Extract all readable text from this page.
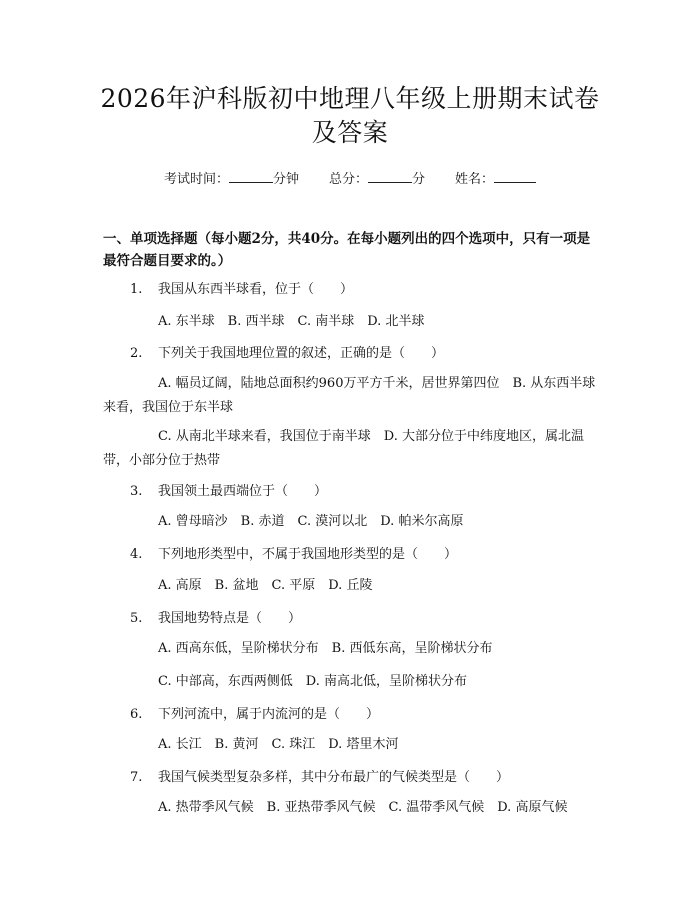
2026年沪科版初中地理八年级上册期末试卷及答案
考试时间：	分钟 总分：	分 姓名：

一、单项选择题（每小题2分，共40分。在每小题列出的四个选项中，只有一项是最符合题目要求的。）

1. 我国从东西半球看，位于（　　）
A. 东半球　B. 西半球　C. 南半球　D. 北半球
2. 下列关于我国地理位置的叙述，正确的是（　　）
A. 幅员辽阔，陆地总面积约960万平方千米，居世界第四位　B. 从东西半球来看，我国位于东半球
C. 从南北半球来看，我国位于南半球　D. 大部分位于中纬度地区，属北温带，小部分位于热带
3. 我国领土最西端位于（　　）
A. 曾母暗沙　B. 赤道　C. 漠河以北　D. 帕米尔高原
4. 下列地形类型中，不属于我国地形类型的是（　　）
A. 高原　B. 盆地　C. 平原　D. 丘陵
5. 我国地势特点是（　　）
A. 西高东低，呈阶梯状分布　B. 西低东高，呈阶梯状分布
C. 中部高，东西两侧低　D. 南高北低，呈阶梯状分布
6. 下列河流中，属于内流河的是（　　）
A. 长江　B. 黄河　C. 珠江　D. 塔里木河
7. 我国气候类型复杂多样，其中分布最广的气候类型是（　　）
A. 热带季风气候　B. 亚热带季风气候　C. 温带季风气候　D. 高原气候
